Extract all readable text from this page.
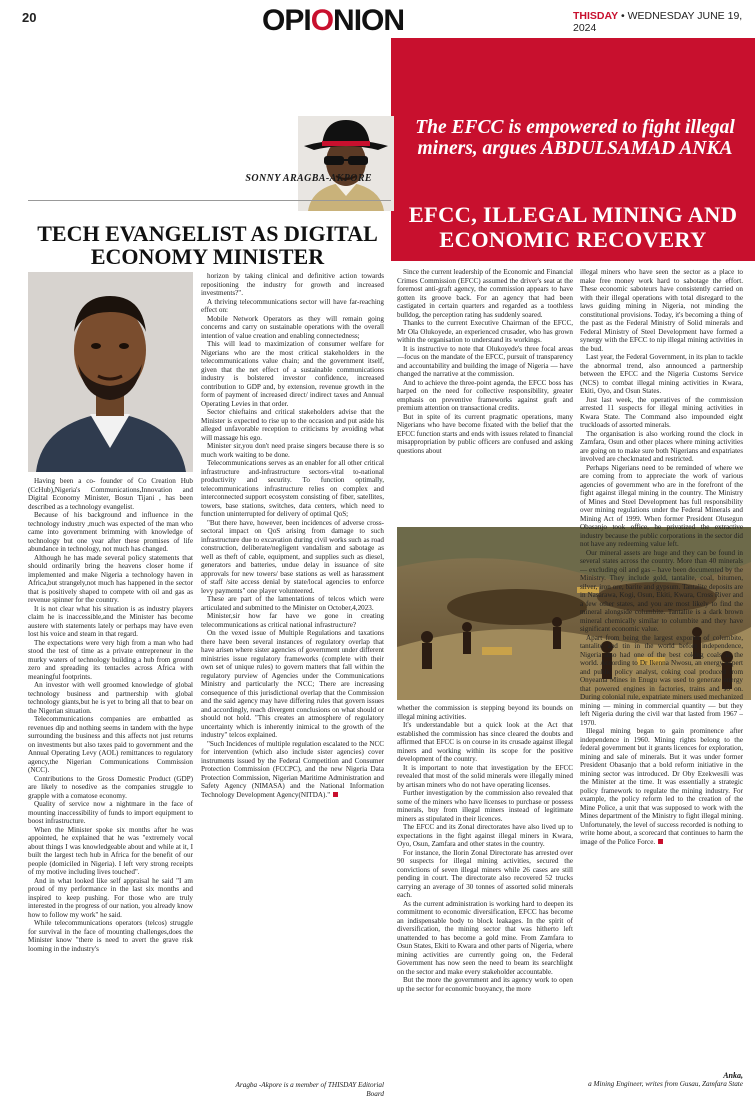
20	OPIONION	THISDAY • WEDNESDAY JUNE 19, 2024
The EFCC is empowered to fight illegal miners, argues ABDULSAMAD ANKA
EFCC, ILLEGAL MINING AND ECONOMIC RECOVERY
SONNY ARAGBA-AKPORE
TECH EVANGELIST AS DIGITAL ECONOMY MINISTER

Having been a co- founder of Co Creation Hub (CcHub),Nigeria's Communications,Innovation and Digital Economy Minister, Bosun Tijani , has been described as a technology evangelist.

Because of his background and influence in the technology industry ,much was expected of the man who came into government brimming with knowledge of technology but one year after these promises of life abundance in technology, not much has changed.

Although he has made several policy statements that should ordinarily bring the heavens closer home if implemented and make Nigeria a technology haven in Africa,but strangely,not much has happened in the sector that is positively shaped to compete with oil and gas as revenue spinner for the country.

It is not clear what his situation is as industry players claim he is inaccessible,and the Minister has become austere with statements lately or perhaps may have even lost his voice and steam in that regard.

The expectations were very high from a man who had stood the test of time as a private entrepreneur in the murky waters of technology building a hub from ground zero and spreading its tentacles across Africa with meaningful footprints.

An investor with well groomed knowledge of global technology business and partnership with global technology giants,but he is yet to bring all that to bear on the Nigerian situation.

Telecommunications companies are embattled as revenues dip and nothing seems in tandem with the hype surrounding the business and this affects not just returns on investments but also taxes paid to government and the Annual Operating Levy (AOL) remittances to regulatory agency,the Nigerian Communications Commission (NCC).

Contributions to the Gross Domestic Product (GDP) are likely to nosedive as the companies struggle to grapple with a comatose economy.

Quality of service now a nightmare in the face of mounting inaccessibility of funds to import equipment to boost infrastructure.

When the Minister spoke six months after he was appointed, he explained that he was "extremely vocal about things I was knowledgeable about and while at it, I built the largest tech hub in Africa for the benefit of our people (domiciled in Nigeria). I left very strong receipts of my motive including lives touched".

And in what looked like self appraisal he said "I am proud of my performance in the last six months and inspired to keep pushing. For those who are truly interested in the progress of our nation, you already know how to follow my work" he said.

While telecommunications operators (telcos) struggle for survival in the face of mounting challenges,does the Minister know "there is need to avert the grave risk looming in the industry's

horizon by taking clinical and definitive action towards repositioning the industry for growth and increased investments?".

A thriving telecommunications sector will have far-reaching effect on:

Mobile Network Operators as they will remain going concerns and carry on sustainable operations with the overall intention of value creation and enabling connectedness;

This will lead to maximization of consumer welfare for Nigerians who are the most critical stakeholders in the telecommunications value chain; and the government itself, given that the net effect of a sustainable communications industry is bolstered investor confidence, increased contribution to GDP and, by extension, revenue growth in the form of payment of increased direct/ indirect taxes and Annual Operating Levies in that order.

Sector chieftains and critical stakeholders advise that the Minister is expected to rise up to the occasion and put aside his alleged unfavorable reception to criticisms by avoiding what will massage his ego.

Minister sir,you don't need praise singers because there is so much work waiting to be done.

Telecommunications serves as an enabler for all other critical infrastructure and-infrastructure sectors-vital to-national productivity and security. To function optimally, telecommunications infrastructure relies on complex and interconnected support ecosystem consisting of fiber, satellites, towers, base stations, switches, data centers, which need to function uninterrupted for delivery of optimal QoS;

"But there have, however, been incidences of adverse cross-sectoral impact on QoS arising from damage to such infrastructure due to excavation during civil works such as road construction, deliberate/negligent vandalism and sabotage as well as theft of cable, equipment, and supplies such as diesel, generators and batteries, undue delay in issuance of site approvals for new towers/ base stations as well as harassment of staff /site access denial by state/local agencies to enforce levy payments" one player volunteered.

These are part of the lamentations of telcos which were articulated and submitted to the Minister on October,4,2023.

Minister,sir how far have we gone in creating telecommunications as critical national infrastructure?

On the vexed issue of Multiple Regulations and taxations there have been several instances of regulatory overlap that have arisen where sister agencies of government under different ministries issue regulatory frameworks (complete with their own set of unique rules) to govern matters that fall within the regulatory purview of Agencies under the Communications Ministry and particularly the NCC; There are increasing consequence of this jurisdictional overlap that the Commission and the said agency may have differing rules that govern issues and accordingly, reach divergent conclusions on what should or should not hold. "This creates an atmosphere of regulatory uncertainty which is inherently inimical to the growth of the industry" telcos explained.

"Such Incidences of multiple regulation escalated to the NCC for intervention (which also include sister agencies) cover instruments issued by the Federal Competition and Consumer Protection Commission (FCCPC), and the new Nigeria Data Protection Commission, Nigerian Maritime Administration and Safety Agency (NIMASA) and the National Information Technology Development Agency(NITDA)."

Aragba -Akpore is a member of THISDAY Editorial Board

Since the current leadership of the Economic and Financial Crimes Commission (EFCC) assumed the driver's seat at the foremost anti-graft agency, the commission appears to have gotten its groove back. For an agency that had been castigated in certain quarters and regarded as a toothless bulldog, the perception rating has suddenly soared.

Thanks to the current Executive Chairman of the EFCC, Mr Ola Olukoyede, an experienced crusader, who has grown within the organisation to understand its workings.

It is instructive to note that Olukoyede's three focal areas —focus on the mandate of the EFCC, pursuit of transparency and accountability and building the image of Nigeria — have changed the narrative at the commission.

And to achieve the three-point agenda, the EFCC boss has harped on the need for collective responsibility, greater emphasis on preventive frameworks against graft and premium attention on transactional credits.

But in spite of its current pragmatic operations, many Nigerians who have become fixated with the belief that the EFCC function starts and ends with issues related to financial misappropriation by public officers are confused and asking questions about

whether the commission is stepping beyond its bounds on illegal mining activities.

It's understandable but a quick look at the Act that established the commission has since cleared the doubts and affirmed that EFCC is on course in its crusade against illegal miners and working within its scope for the positive development of the country.

It is important to note that investigation by the EFCC revealed that most of the solid minerals were illegally mined by artisan miners who do not have operating licenses.

Further investigation by the commission also revealed that some of the miners who have licenses to purchase or possess minerals, buy from illegal miners instead of legitimate miners as stipulated in their licences.

The EFCC and its Zonal directorates have also lived up to expectations in the fight against illegal miners in Kwara, Oyo, Osun, Zamfara and other states in the country.

For instance, the Ilorin Zonal Directorate has arrested over 90 suspects for illegal mining activities, secured the convictions of seven illegal miners while 26 cases are still pending in court. The directorate also recovered 52 trucks carrying an average of 30 tonnes of assorted solid minerals each.

As the current administration is working hard to deepen its commitment to economic diversification, EFCC has become an indispensable body to block leakages. In the spirit of diversification, the mining sector that was hitherto left unattended to has become a gold mine. From Zamfara to Osun States, Ekiti to Kwara and other parts of Nigeria, where mining activities are currently going on, the Federal Government has now seen the need to beam its searchlight on the sector and make every stakeholder accountable.

But the more the government and its agency work to open up the sector for economic buoyancy, the more

illegal miners who have seen the sector as a place to make free money work hard to sabotage the effort. These economic saboteurs have consistently carried on with their illegal operations with total disregard to the laws guiding mining in Nigeria, not minding the constitutional provisions. Today, it's becoming a thing of the past as the Federal Ministry of Solid minerals and Federal Ministry of Steel Development have formed a synergy with the EFCC to nip illegal mining activities in the bud.

Last year, the Federal Government, in its plan to tackle the abnormal trend, also announced a partnership between the EFCC and the Nigeria Customs Service (NCS) to combat illegal mining activities in Kwara, Ekiti, Oyo, and Osun States.

Just last week, the operatives of the commission arrested 11 suspects for illegal mining activities in Kwara State. The Command also impounded eight truckloads of assorted minerals.

The organisation is also working round the clock in Zamfara, Osun and other places where mining activities are going on to make sure both Nigerians and expatriates involved are checkmated and restricted.

Perhaps Nigerians need to be reminded of where we are coming from to appreciate the work of various agencies of government who are in the forefront of the fight against illegal mining in the country. The Ministry of Mines and Steel Development has full responsibility over mining regulations under the Federal Minerals and Mining Act of 1999. When former President Olusegun Obasanjo took office, he privatized the extractive industry because the public corporations in the sector did not have any redeeming value left.

Our mineral assets are huge and they can be found in several states across the country. More than 40 minerals — excluding oil and gas – have been documented by the Ministry. They include gold, tantalite, coal, bitumen, silver, iron ore, barite and gypsum. Tantalite deposits are in Nasarawa, Kogi, Osun, Ekiti, Kwara, Cross River and a few other states, and you are most likely to find the mineral alongside columbite. Tantalite is a dark brown mineral chemically similar to columbite and they have significant economic value.

Apart from being the largest exporter of columbite, tantalite and tin in the world before independence, Nigeria also had one of the best coking coals in the world. According to Dr Ikenna Nwosu, an energy expert and public policy analyst, coking coal produced from Onyeama Mines in Enugu was used to generate energy that powered engines in factories, trains and so on. During colonial rule, expatriate miners used mechanized mining — mining in commercial quantity — but they left Nigeria during the civil war that lasted from 1967 – 1970.

Illegal mining began to gain prominence after independence in 1960. Mining rights belong to the federal government but it grants licences for exploration, mining and sale of minerals. But it was under former President Obasanjo that a bold reform initiative in the mining sector was introduced. Dr Oby Ezekwesili was the Minister at the time. It was essentially a strategic policy framework to regulate the mining industry. For example, the policy reform led to the creation of the Mine Police, a unit that was supposed to work with the Mines department of the Ministry to fight illegal mining. Unfortunately, the level of success recorded is nothing to write home about, a scorecard that continues to harm the image of the Police Force.

Anka,
a Mining Engineer, writes from Gusau, Zamfara State
